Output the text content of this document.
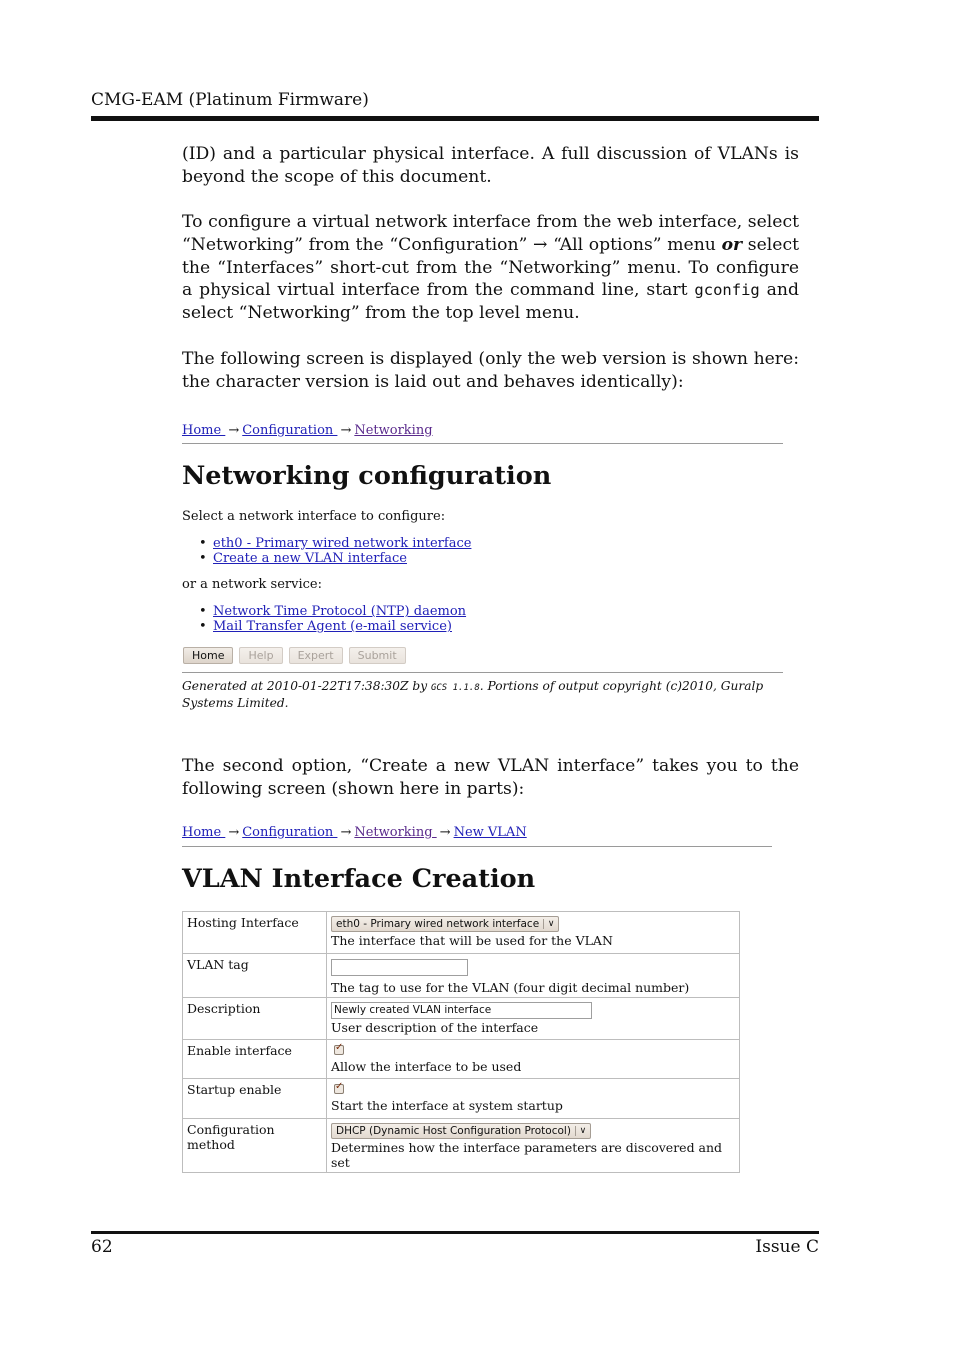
CMG-EAM (Platinum Firmware)

(ID) and a particular physical interface. A full discussion of VLANs is beyond the scope of this document.

To configure a virtual network interface from the web interface, select “Networking” from the “Configuration” → “All options” menu or select the “Interfaces” short-cut from the “Networking” menu. To configure a physical virtual interface from the command line, start gconfig and select “Networking” from the top level menu.

The following screen is displayed (only the web version is shown here: the character version is laid out and behaves identically):

Home → Configuration → Networking
Networking configuration
Select a network interface to configure:
• eth0 - Primary wired network interface
• Create a new VLAN interface
or a network service:
• Network Time Protocol (NTP) daemon
• Mail Transfer Agent (e-mail service)
Home	Help	Expert	Submit
Generated at 2010-01-22T17:38:30Z by GCS 1.1.8. Portions of output copyright (c)2010, Guralp Systems Limited.

The second option, “Create a new VLAN interface” takes you to the following screen (shown here in parts):

Home → Configuration → Networking → New VLAN
VLAN Interface Creation
Hosting Interface	eth0 - Primary wired network interface ∨
The interface that will be used for the VLAN

VLAN tag	The tag to use for the VLAN (four digit decimal number)

Description	Newly created VLAN interface
User description of the interface

Enable interface	✓
Allow the interface to be used

Startup enable	✓
Start the interface at system startup

Configuration method	DHCP (Dynamic Host Configuration Protocol) ∨
Determines how the interface parameters are discovered and set
62	Issue C
